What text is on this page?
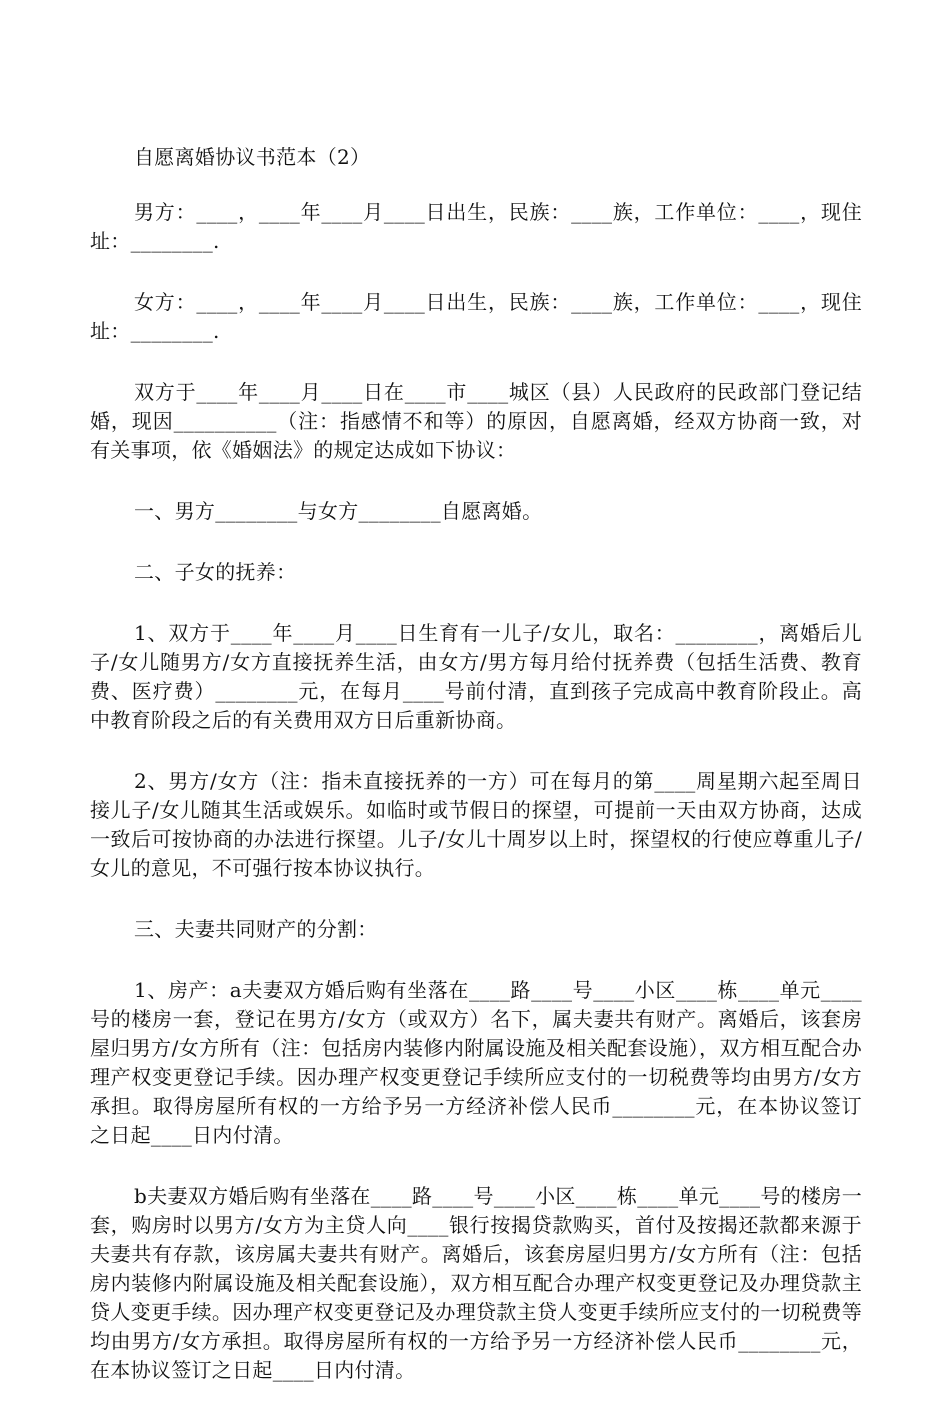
自愿离婚协议书范本（2）

男方：____，____年____月____日出生，民族：____族，工作单位：____，现住址：________.

女方：____，____年____月____日出生，民族：____族，工作单位：____，现住址：________.

双方于____年____月____日在____市____城区（县）人民政府的民政部门登记结婚，现因__________（注：指感情不和等）的原因，自愿离婚，经双方协商一致，对有关事项，依《婚姻法》的规定达成如下协议：

一、男方________与女方________自愿离婚。

二、子女的抚养：

1、双方于____年____月____日生育有一儿子/女儿，取名：________，离婚后儿子/女儿随男方/女方直接抚养生活，由女方/男方每月给付抚养费（包括生活费、教育费、医疗费）________元，在每月____号前付清，直到孩子完成高中教育阶段止。高中教育阶段之后的有关费用双方日后重新协商。

2、男方/女方（注：指未直接抚养的一方）可在每月的第____周星期六起至周日接儿子/女儿随其生活或娱乐。如临时或节假日的探望，可提前一天由双方协商，达成一致后可按协商的办法进行探望。儿子/女儿十周岁以上时，探望权的行使应尊重儿子/女儿的意见，不可强行按本协议执行。

三、夫妻共同财产的分割：

1、房产：a夫妻双方婚后购有坐落在____路____号____小区____栋____单元____号的楼房一套，登记在男方/女方（或双方）名下，属夫妻共有财产。离婚后，该套房屋归男方/女方所有（注：包括房内装修内附属设施及相关配套设施），双方相互配合办理产权变更登记手续。因办理产权变更登记手续所应支付的一切税费等均由男方/女方承担。取得房屋所有权的一方给予另一方经济补偿人民币________元，在本协议签订之日起____日内付清。

b夫妻双方婚后购有坐落在____路____号____小区____栋____单元____号的楼房一套，购房时以男方/女方为主贷人向____银行按揭贷款购买，首付及按揭还款都来源于夫妻共有存款，该房属夫妻共有财产。离婚后，该套房屋归男方/女方所有（注：包括房内装修内附属设施及相关配套设施），双方相互配合办理产权变更登记及办理贷款主贷人变更手续。因办理产权变更登记及办理贷款主贷人变更手续所应支付的一切税费等均由男方/女方承担。取得房屋所有权的一方给予另一方经济补偿人民币________元，在本协议签订之日起____日内付清。
